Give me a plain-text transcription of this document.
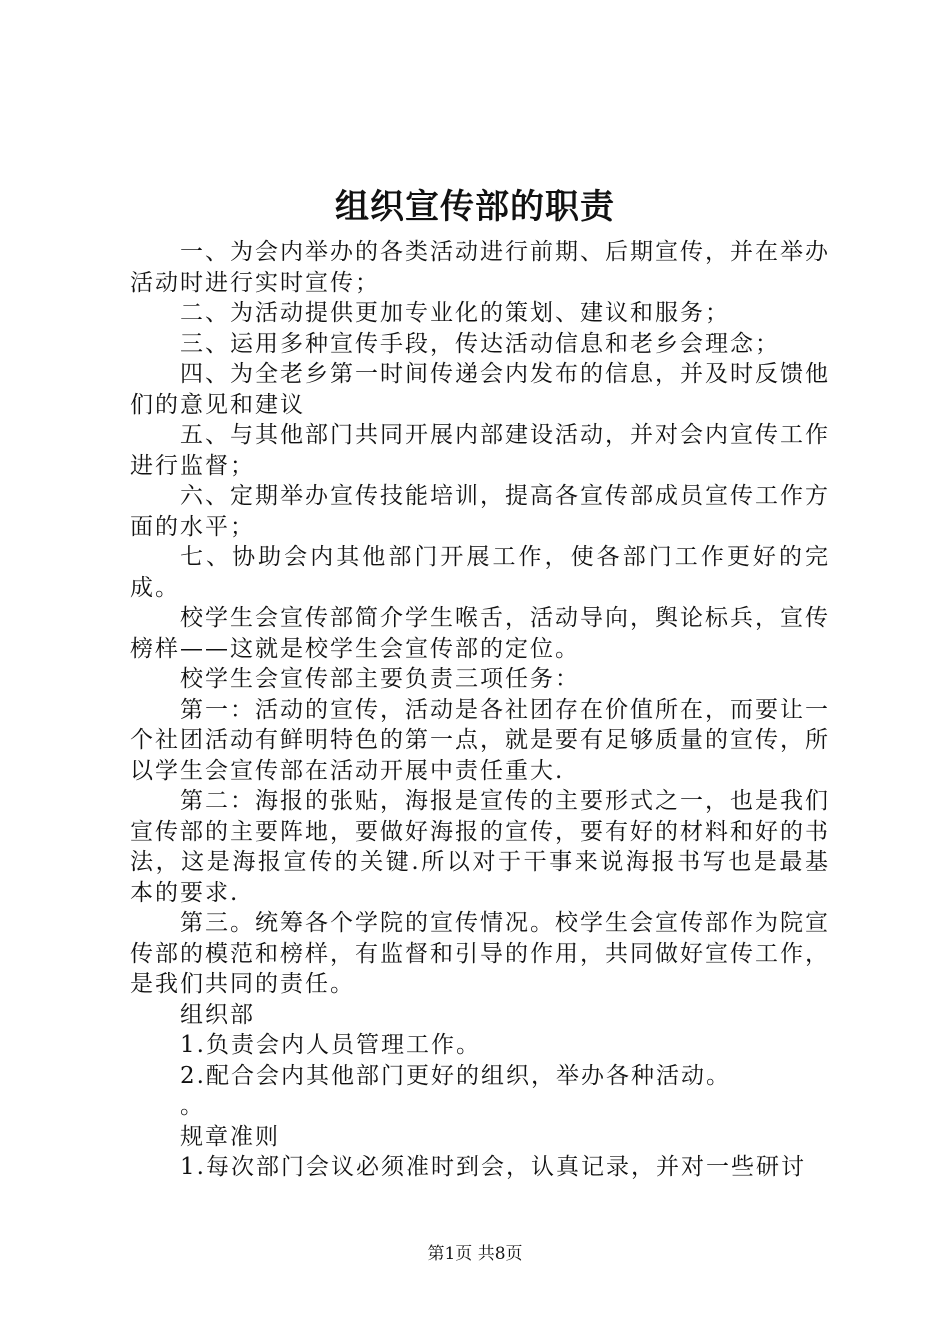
组织宣传部的职责

一、为会内举办的各类活动进行前期、后期宣传，并在举办活动时进行实时宣传；

二、为活动提供更加专业化的策划、建议和服务；

三、运用多种宣传手段，传达活动信息和老乡会理念；

四、为全老乡第一时间传递会内发布的信息，并及时反馈他们的意见和建议

五、与其他部门共同开展内部建设活动，并对会内宣传工作进行监督；

六、定期举办宣传技能培训，提高各宣传部成员宣传工作方面的水平；

七、协助会内其他部门开展工作，使各部门工作更好的完成。

校学生会宣传部简介学生喉舌，活动导向，舆论标兵，宣传榜样——这就是校学生会宣传部的定位。

校学生会宣传部主要负责三项任务：

第一：活动的宣传，活动是各社团存在价值所在，而要让一个社团活动有鲜明特色的第一点，就是要有足够质量的宣传，所以学生会宣传部在活动开展中责任重大.

第二：海报的张贴，海报是宣传的主要形式之一，也是我们宣传部的主要阵地，要做好海报的宣传，要有好的材料和好的书法，这是海报宣传的关键.所以对于干事来说海报书写也是最基本的要求.

第三。统筹各个学院的宣传情况。校学生会宣传部作为院宣传部的模范和榜样，有监督和引导的作用，共同做好宣传工作，是我们共同的责任。

组织部

1.负责会内人员管理工作。

2.配合会内其他部门更好的组织，举办各种活动。

。

规章准则

1.每次部门会议必须准时到会，认真记录，并对一些研讨

第1页 共8页
